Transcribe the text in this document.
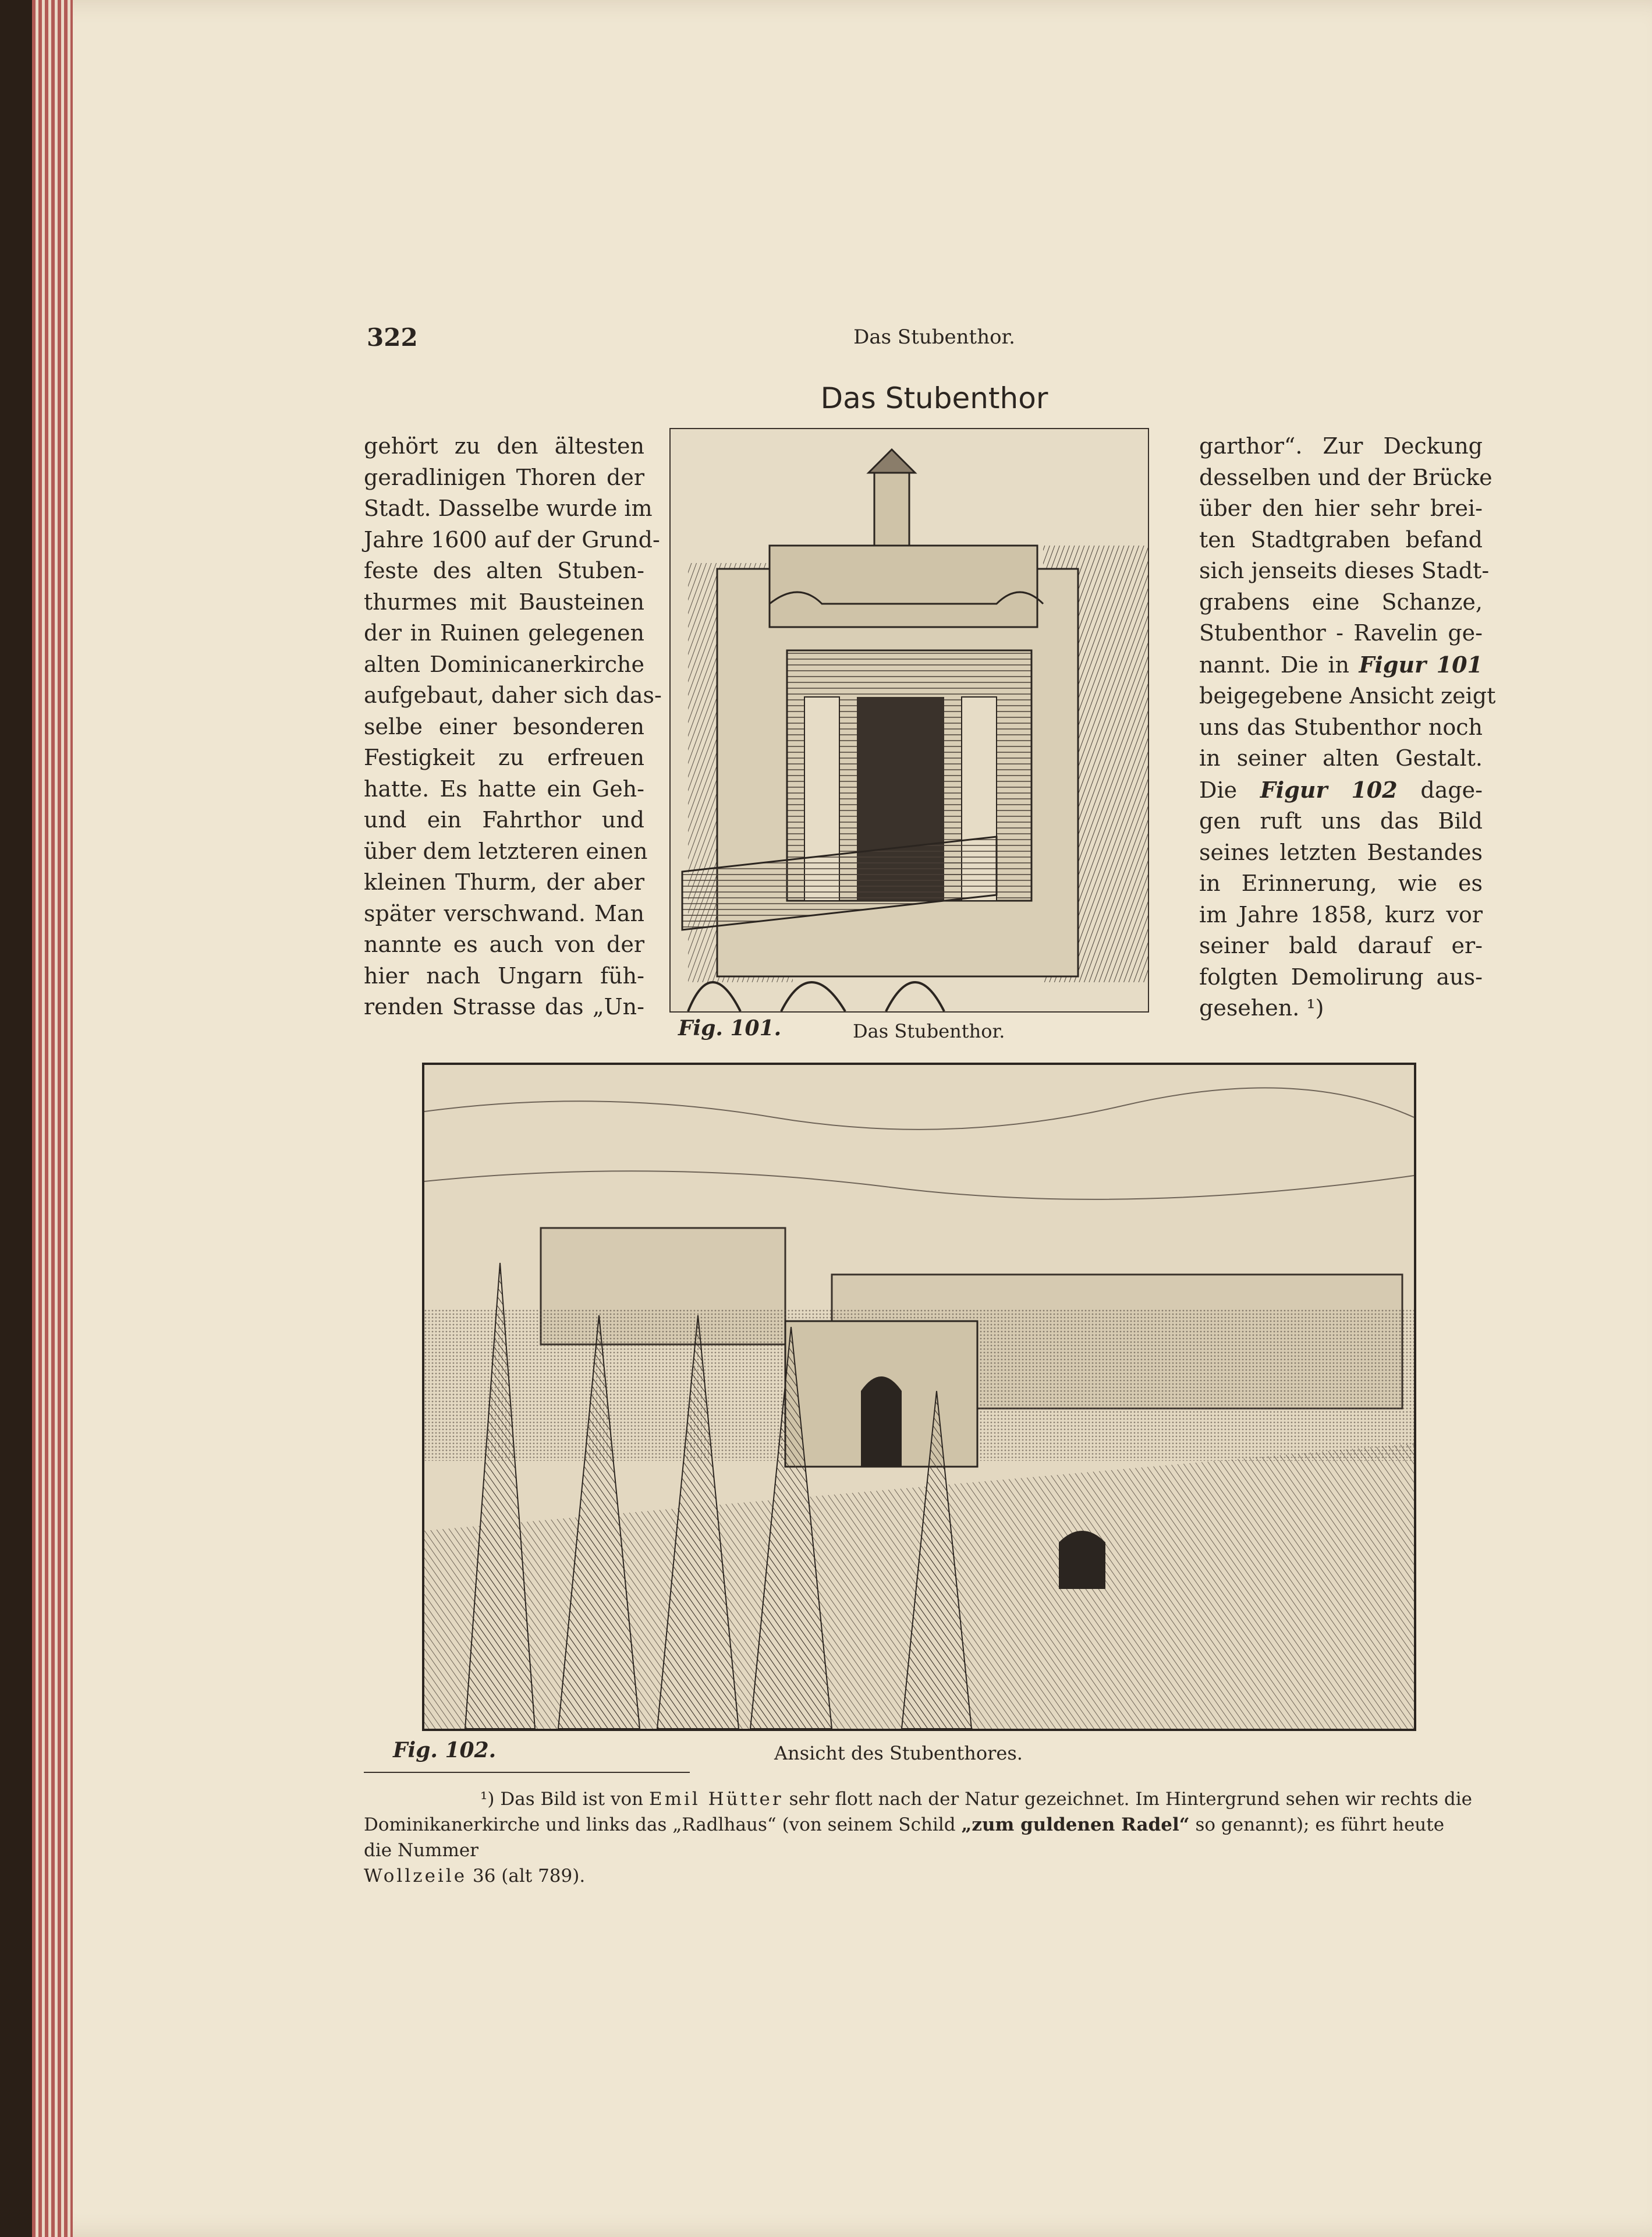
322	Das Stubenthor.
Das Stubenthor
gehört zu den ältesten
geradlinigen Thoren der
Stadt. Dasselbe wurde im
Jahre 1600 auf der Grund-
feste des alten Stuben-
thurmes mit Bausteinen
der in Ruinen gelegenen
alten Dominicanerkirche
aufgebaut, daher sich das-
selbe einer besonderen
Festigkeit zu erfreuen
hatte. Es hatte ein Geh-
und ein Fahrthor und
über dem letzteren einen
kleinen Thurm, der aber
später verschwand. Man
nannte es auch von der
hier nach Ungarn füh-
renden Strasse das „Un-
garthor“. Zur Deckung
desselben und der Brücke
über den hier sehr brei-
ten Stadtgraben befand
sich jenseits dieses Stadt-
grabens eine Schanze,
Stubenthor - Ravelin ge-
nannt. Die in Figur 101
beigegebene Ansicht zeigt
uns das Stubenthor noch
in seiner alten Gestalt.
Die Figur 102 dage-
gen ruft uns das Bild
seines letzten Bestandes
in Erinnerung, wie es
im Jahre 1858, kurz vor
seiner bald darauf er-
folgten Demolirung aus-
gesehen. ¹)
Fig. 101.	Das Stubenthor.
Fig. 102.	Ansicht des Stubenthores.
¹) Das Bild ist von Emil Hütter sehr flott nach der Natur gezeichnet. Im Hintergrund sehen wir rechts die
Dominikanerkirche und links das „Radlhaus“ (von seinem Schild „zum guldenen Radel“ so genannt); es führt heute die Nummer
Wollzeile 36 (alt 789).
